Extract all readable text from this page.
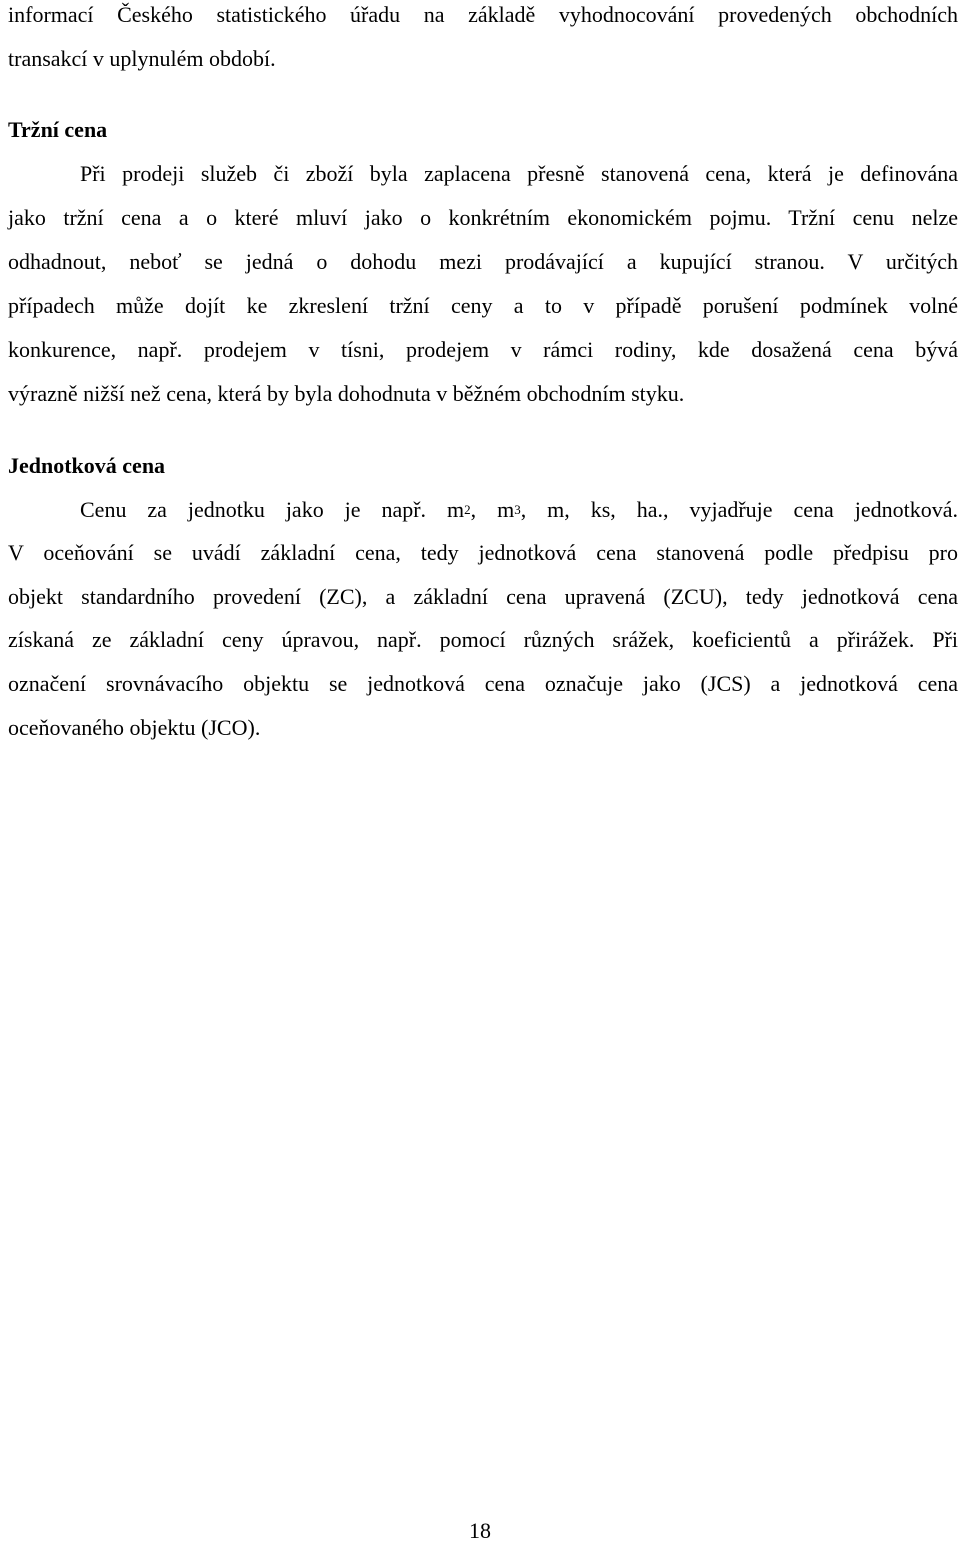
informací Českého statistického úřadu na základě vyhodnocování provedených obchodních
transakcí v uplynulém období.
Tržní cena
Při prodeji služeb či zboží byla zaplacena přesně stanovená cena, která je definována
jako tržní cena a o které mluví jako o konkrétním ekonomickém pojmu. Tržní cenu nelze
odhadnout, neboť se jedná o dohodu mezi prodávající a kupující stranou. V určitých
případech může dojít ke zkreslení tržní ceny a to v případě porušení podmínek volné
konkurence, např. prodejem v tísni, prodejem v rámci rodiny, kde dosažená cena bývá
výrazně nižší než cena, která by byla dohodnuta v běžném obchodním styku.
Jednotková cena
Cenu za jednotku jako je např. $m^2$, $m^3$, m, ks, ha., vyjadřuje cena jednotková.
V oceňování se uvádí základní cena, tedy jednotková cena stanovená podle předpisu pro
objekt standardního provedení (ZC), a základní cena upravená (ZCU), tedy jednotková cena
získaná ze základní ceny úpravou, např. pomocí různých srážek, koeficientů a přirážek. Při
označení srovnávacího objektu se jednotková cena označuje jako (JCS) a jednotková cena
oceňovaného objektu (JCO).
18
